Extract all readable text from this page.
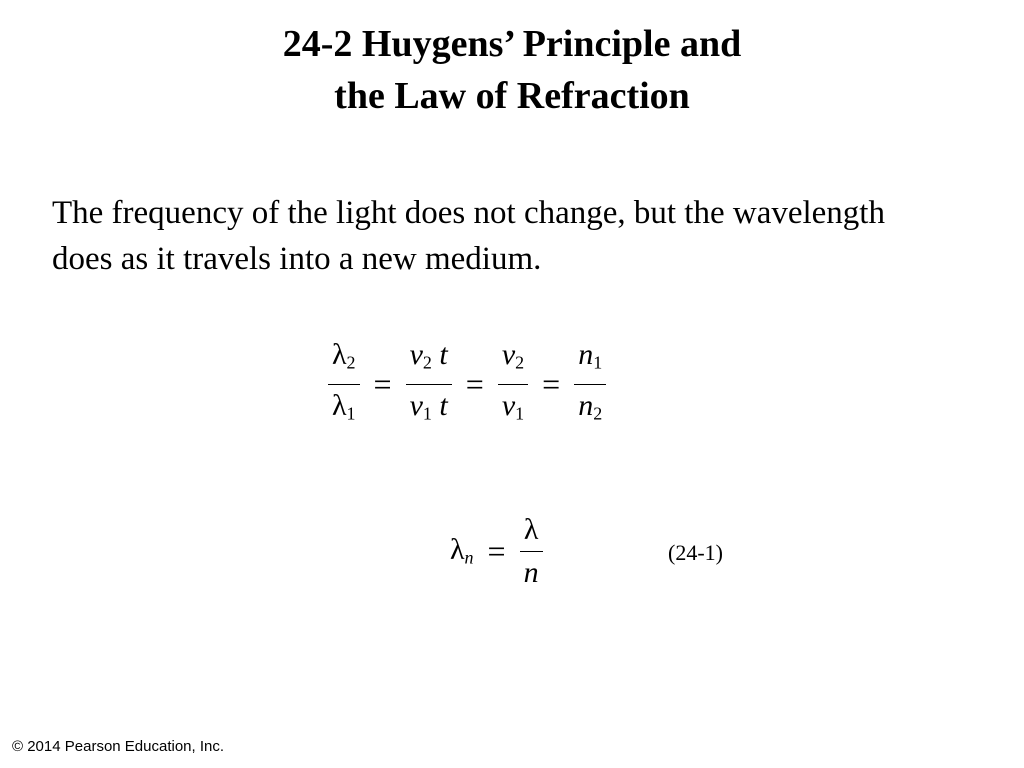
24-2 Huygens’ Principle and
the Law of Refraction
The frequency of the light does not change, but the wavelength does as it travels into a new medium.
$\frac{\lambda_2}{\lambda_1} = \frac{v_2 t}{v_1 t} = \frac{v_2}{v_1} = \frac{n_1}{n_2}$
$\lambda_n = \frac{\lambda}{n}$	(24-1)
© 2014 Pearson Education, Inc.
